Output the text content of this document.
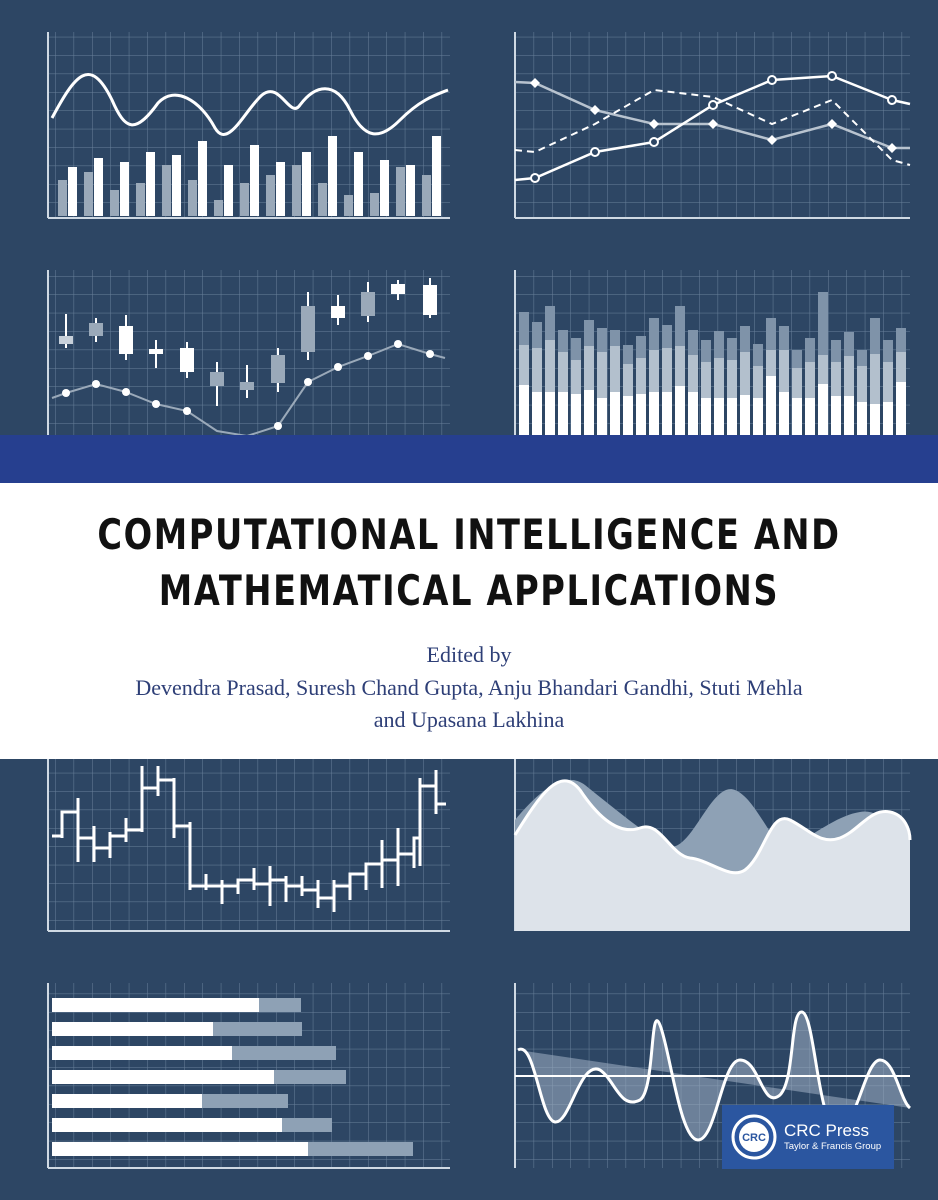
COMPUTATIONAL INTELLIGENCE AND
MATHEMATICAL APPLICATIONS
Edited by
Devendra Prasad, Suresh Chand Gupta, Anju Bhandari Gandhi, Stuti Mehla
and Upasana Lakhina
CRC CRC Press
Taylor & Francis Group
